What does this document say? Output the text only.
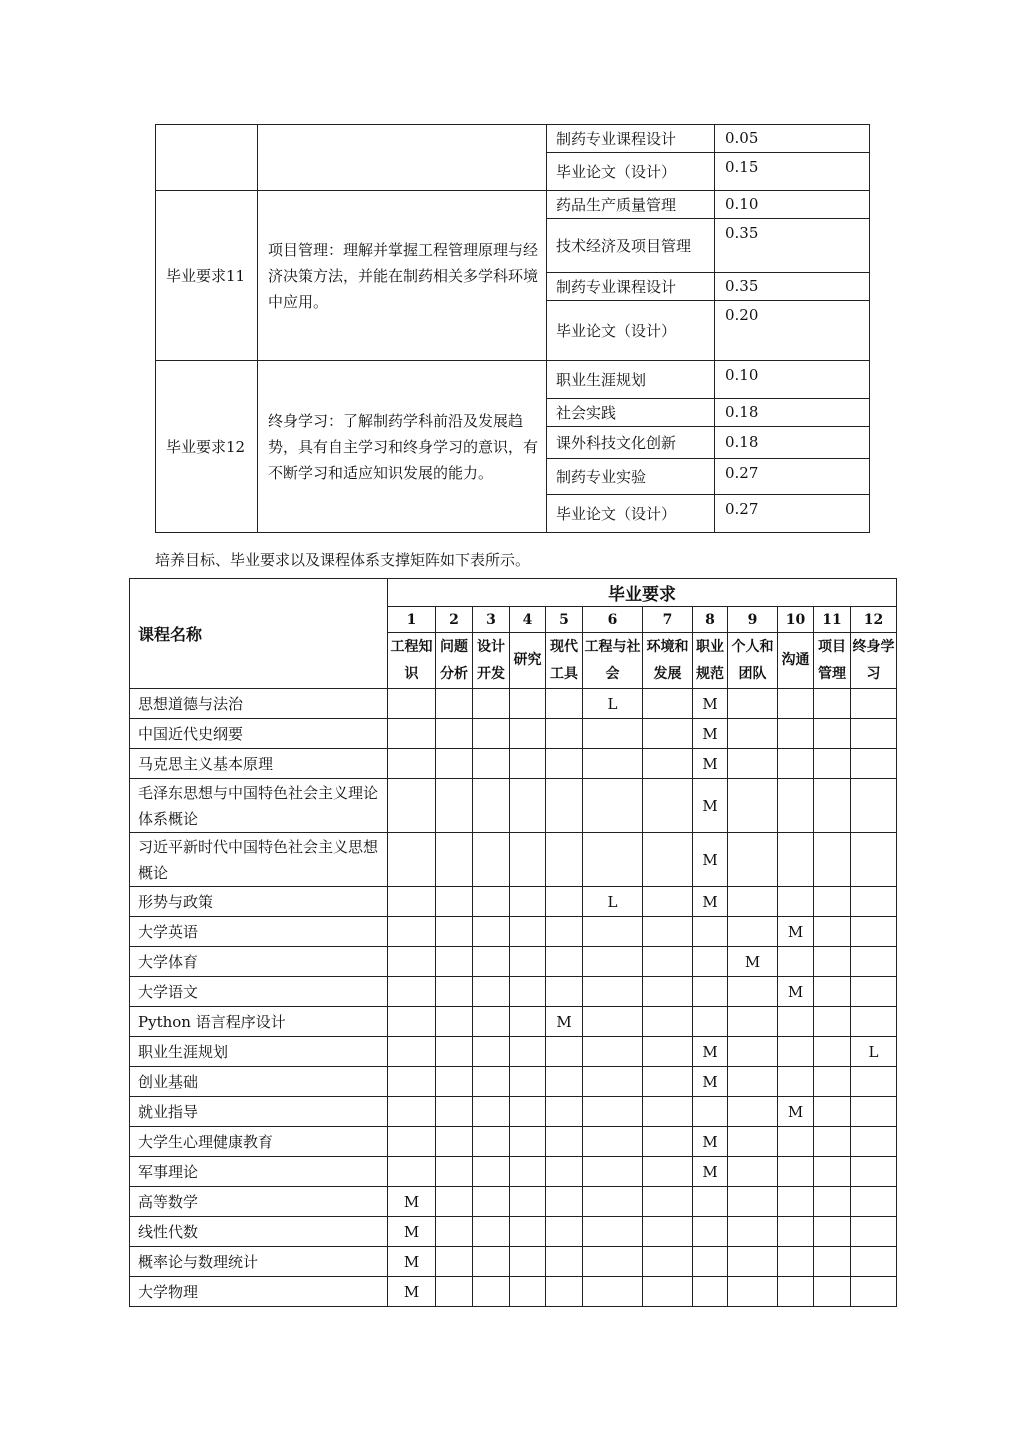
		制药专业课程设计	0.05
		毕业论文（设计）	0.15
毕业要求11	项目管理：理解并掌握工程管理原理与经济决策方法，并能在制药相关多学科环境中应用。	药品生产质量管理	0.10
		技术经济及项目管理	0.35
		制药专业课程设计	0.35
		毕业论文（设计）	0.20
毕业要求12	终身学习：了解制药学科前沿及发展趋势，具有自主学习和终身学习的意识，有不断学习和适应知识发展的能力。	职业生涯规划	0.10
		社会实践	0.18
		课外科技文化创新	0.18
		制药专业实验	0.27
		毕业论文（设计）	0.27
培养目标、毕业要求以及课程体系支撑矩阵如下表所示。
课程名称	毕业要求											
	1	2	3	4	5	6	7	8	9	10	11	12
	工程知识	问题分析	设计开发	研究	现代工具	工程与社会	环境和发展	职业规范	个人和团队	沟通	项目管理	终身学习
思想道德与法治						L		M				
中国近代史纲要								M				
马克思主义基本原理								M				
毛泽东思想与中国特色社会主义理论体系概论								M				
习近平新时代中国特色社会主义思想概论								M				
形势与政策						L		M				
大学英语										M		
大学体育									M			
大学语文										M		
Python 语言程序设计					M							
职业生涯规划								M				L
创业基础								M				
就业指导										M		
大学生心理健康教育								M				
军事理论								M				
高等数学	M											
线性代数	M											
概率论与数理统计	M											
大学物理	M											
